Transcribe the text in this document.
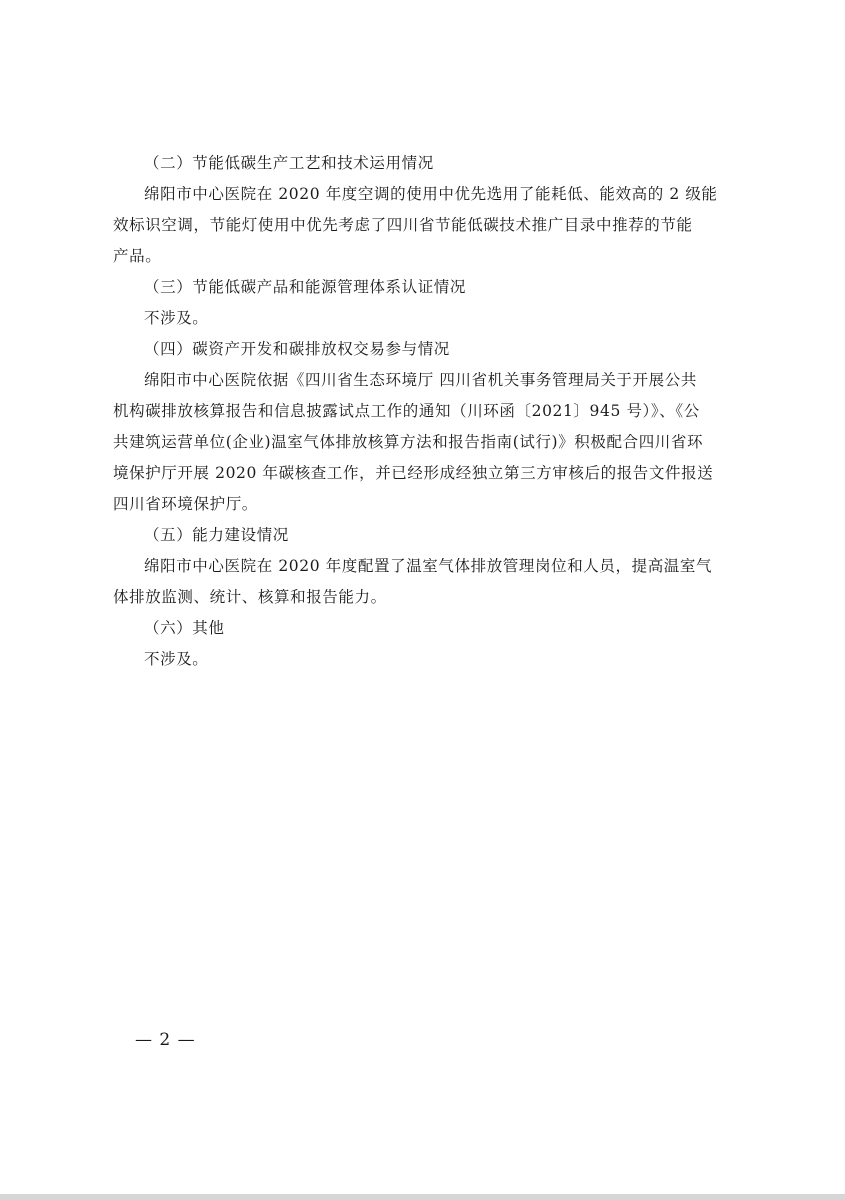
（二）节能低碳生产工艺和技术运用情况
绵阳市中心医院在 2020 年度空调的使用中优先选用了能耗低、能效高的 2 级能
效标识空调，节能灯使用中优先考虑了四川省节能低碳技术推广目录中推荐的节能
产品。
（三）节能低碳产品和能源管理体系认证情况
不涉及。
（四）碳资产开发和碳排放权交易参与情况
绵阳市中心医院依据《四川省生态环境厅 四川省机关事务管理局关于开展公共
机构碳排放核算报告和信息披露试点工作的通知（川环函〔2021〕945 号）》、《公
共建筑运营单位(企业)温室气体排放核算方法和报告指南(试行)》积极配合四川省环
境保护厅开展 2020 年碳核查工作，并已经形成经独立第三方审核后的报告文件报送
四川省环境保护厅。
（五）能力建设情况
绵阳市中心医院在 2020 年度配置了温室气体排放管理岗位和人员，提高温室气
体排放监测、统计、核算和报告能力。
（六）其他
不涉及。
— 2 —
